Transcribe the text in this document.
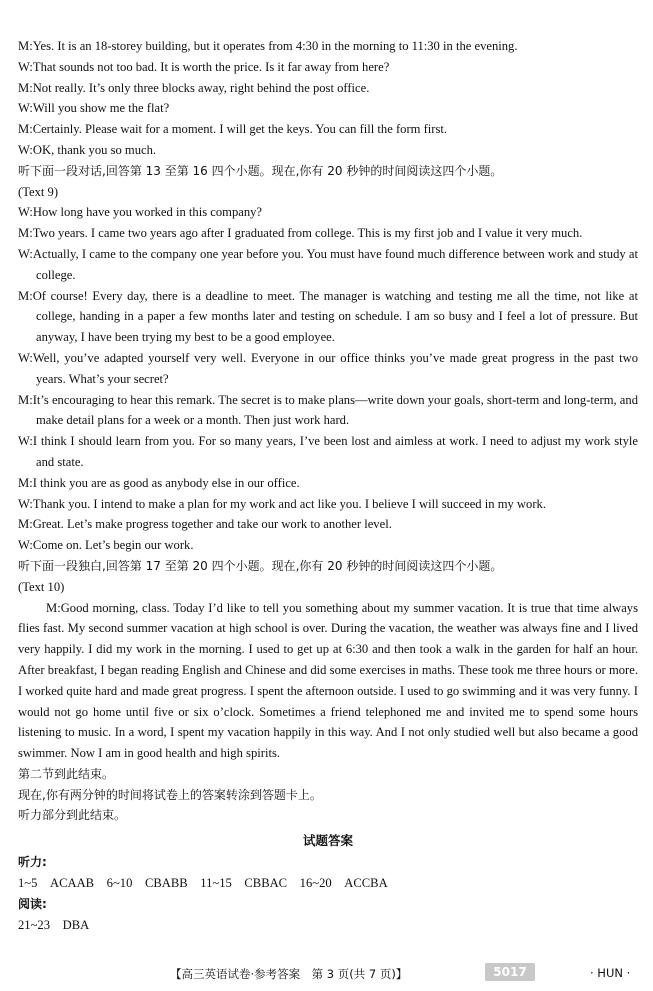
M:Yes. It is an 18-storey building, but it operates from 4:30 in the morning to 11:30 in the evening.
W:That sounds not too bad. It is worth the price. Is it far away from here?
M:Not really. It’s only three blocks away, right behind the post office.
W:Will you show me the flat?
M:Certainly. Please wait for a moment. I will get the keys. You can fill the form first.
W:OK, thank you so much.
听下面一段对话,回答第 13 至第 16 四个小题。现在,你有 20 秒钟的时间阅读这四个小题。
(Text 9)
W:How long have you worked in this company?
M:Two years. I came two years ago after I graduated from college. This is my first job and I value it very much.
W:Actually, I came to the company one year before you. You must have found much difference between work and study at college.
M:Of course! Every day, there is a deadline to meet. The manager is watching and testing me all the time, not like at college, handing in a paper a few months later and testing on schedule. I am so busy and I feel a lot of pressure. But anyway, I have been trying my best to be a good employee.
W:Well, you’ve adapted yourself very well. Everyone in our office thinks you’ve made great progress in the past two years. What’s your secret?
M:It’s encouraging to hear this remark. The secret is to make plans—write down your goals, short-term and long-term, and make detail plans for a week or a month. Then just work hard.
W:I think I should learn from you. For so many years, I’ve been lost and aimless at work. I need to adjust my work style and state.
M:I think you are as good as anybody else in our office.
W:Thank you. I intend to make a plan for my work and act like you. I believe I will succeed in my work.
M:Great. Let’s make progress together and take our work to another level.
W:Come on. Let’s begin our work.
听下面一段独白,回答第 17 至第 20 四个小题。现在,你有 20 秒钟的时间阅读这四个小题。
(Text 10)
M:Good morning, class. Today I’d like to tell you something about my summer vacation. It is true that time always flies fast. My second summer vacation at high school is over. During the vacation, the weather was always fine and I lived very happily. I did my work in the morning. I used to get up at 6:30 and then took a walk in the garden for half an hour. After breakfast, I began reading English and Chinese and did some exercises in maths. These took me three hours or more. I worked quite hard and made great progress. I spent the afternoon outside. I used to go swimming and it was very funny. I would not go home until five or six o’clock. Sometimes a friend telephoned me and invited me to spend some hours listening to music. In a word, I spent my vacation happily in this way. And I not only studied well but also became a good swimmer. Now I am in good health and high spirits.
第二节到此结束。
现在,你有两分钟的时间将试卷上的答案转涂到答题卡上。
听力部分到此结束。
试题答案
听力:
1~5　ACAAB　6~10　CBABB　11~15　CBBAC　16~20　ACCBA
阅读:
21~23　DBA
【高三英语试卷·参考答案　第 3 页(共 7 页)】	5017	· HUN ·
